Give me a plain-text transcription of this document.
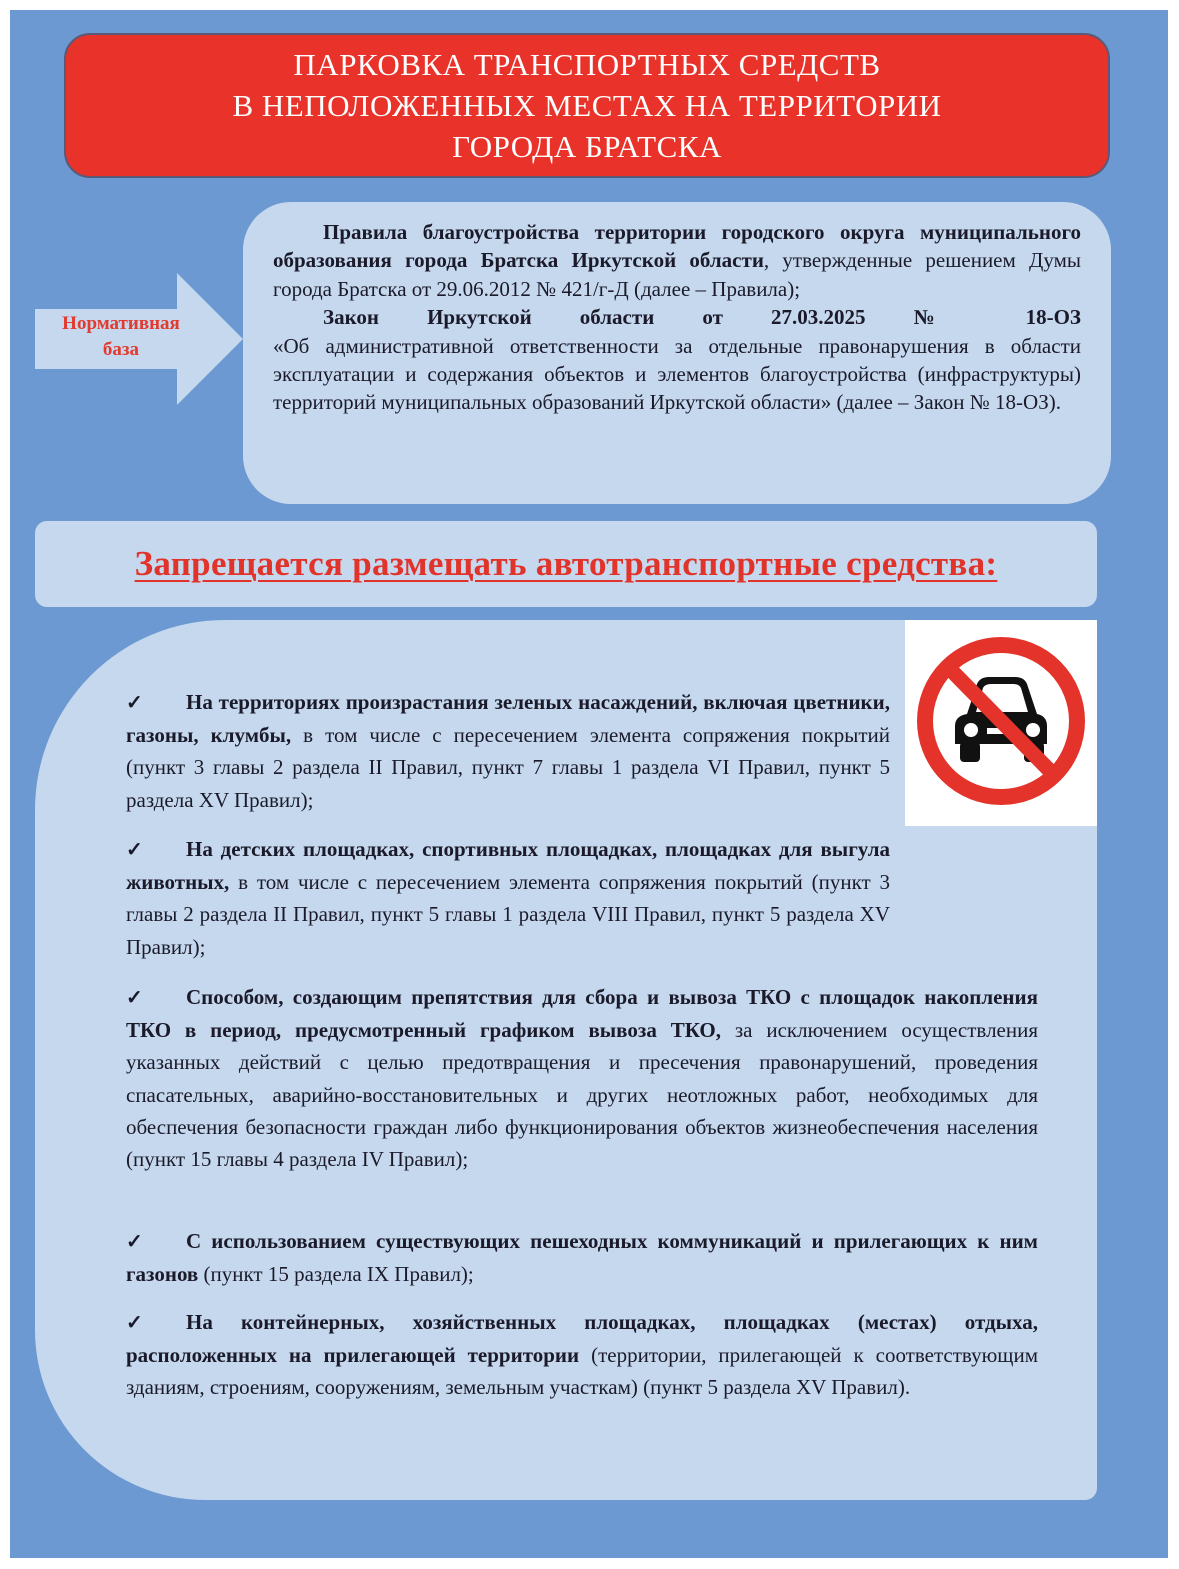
ПАРКОВКА ТРАНСПОРТНЫХ СРЕДСТВ
В НЕПОЛОЖЕННЫХ МЕСТАХ НА ТЕРРИТОРИИ
ГОРОДА БРАТСКА
Нормативная
база

Правила благоустройства территории городского округа муниципального образования города Братска Иркутской области, утвержденные решением Думы города Братска от 29.06.2012 № 421/г-Д (далее – Правила);

Закон Иркутской области от 27.03.2025 № 18-ОЗ

«Об административной ответственности за отдельные правонарушения в области эксплуатации и содержания объектов и элементов благоустройства (инфраструктуры) территорий муниципальных образований Иркутской области» (далее – Закон № 18-ОЗ).

Запрещается размещать автотранспортные средства:
✓ На территориях произрастания зеленых насаждений, включая цветники, газоны, клумбы, в том числе с пересечением элемента сопряжения покрытий (пункт 3 главы 2 раздела II Правил, пункт 7 главы 1 раздела VI Правил, пункт 5 раздела XV Правил);
✓ На детских площадках, спортивных площадках, площадках для выгула животных, в том числе с пересечением элемента сопряжения покрытий (пункт 3 главы 2 раздела II Правил, пункт 5 главы 1 раздела VIII Правил, пункт 5 раздела XV Правил);
✓ Способом, создающим препятствия для сбора и вывоза ТКО с площадок накопления ТКО в период, предусмотренный графиком вывоза ТКО, за исключением осуществления указанных действий с целью предотвращения и пресечения правонарушений, проведения спасательных, аварийно-восстановительных и других неотложных работ, необходимых для обеспечения безопасности граждан либо функционирования объектов жизнеобеспечения населения (пункт 15 главы 4 раздела IV Правил);
✓ С использованием существующих пешеходных коммуникаций и прилегающих к ним газонов (пункт 15 раздела IX Правил);
✓ На контейнерных, хозяйственных площадках, площадках (местах) отдыха, расположенных на прилегающей территории (территории, прилегающей к соответствующим зданиям, строениям, сооружениям, земельным участкам) (пункт 5 раздела XV Правил).
